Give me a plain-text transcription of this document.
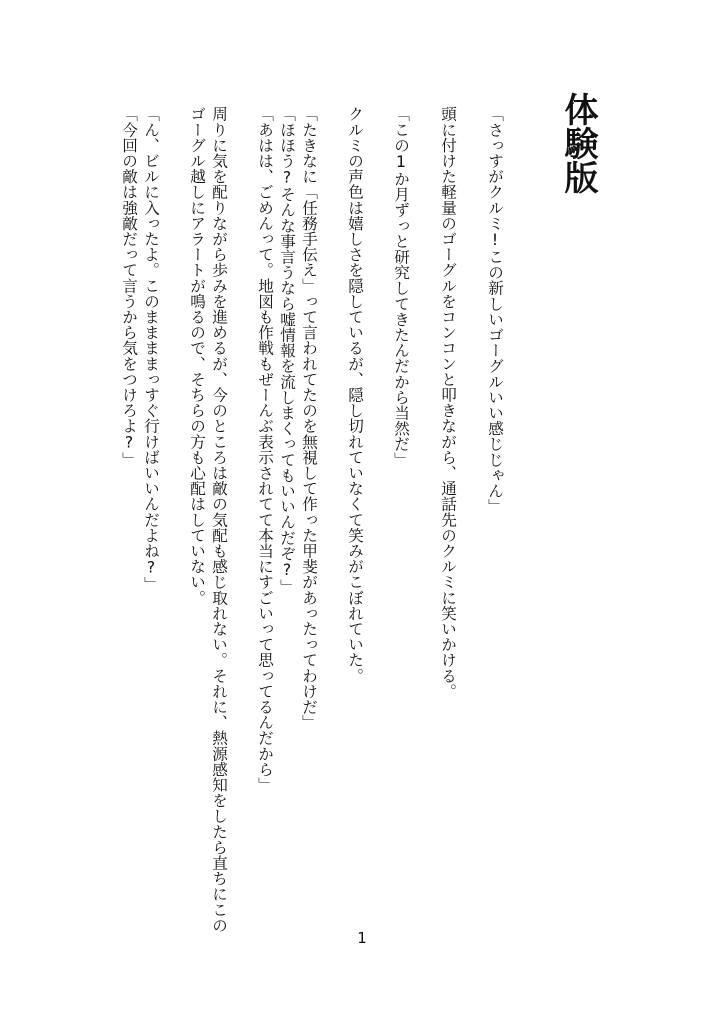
体験版
「さっすがクルミ!この新しいゴーグルいい感じじゃん」
頭に付けた軽量のゴーグルをコンコンと叩きながら、通話先のクルミに笑いかける。
「この1か月ずっと研究してきたんだから当然だ」
クルミの声色は嬉しさを隠しているが、隠し切れていなくて笑みがこぼれていた。
「たきなに「任務手伝え」って言われてたのを無視して作った甲斐があったってわけだ」
「ほほう?そんな事言うなら嘘情報を流しまくってもいいんだぞ?」
「あはは、ごめんって。地図も作戦もぜーんぶ表示されてて本当にすごいって思ってるんだから」
周りに気を配りながら歩みを進めるが、今のところは敵の気配も感じ取れない。それに、熱源感知をしたら直ちにこの
ゴーグル越しにアラートが鳴るので、そちらの方も心配はしていない。
「ん、ビルに入ったよ。このままままっすぐ行けばいいんだよね?」
「今回の敵は強敵だって言うから気をつけろよ?」
1
